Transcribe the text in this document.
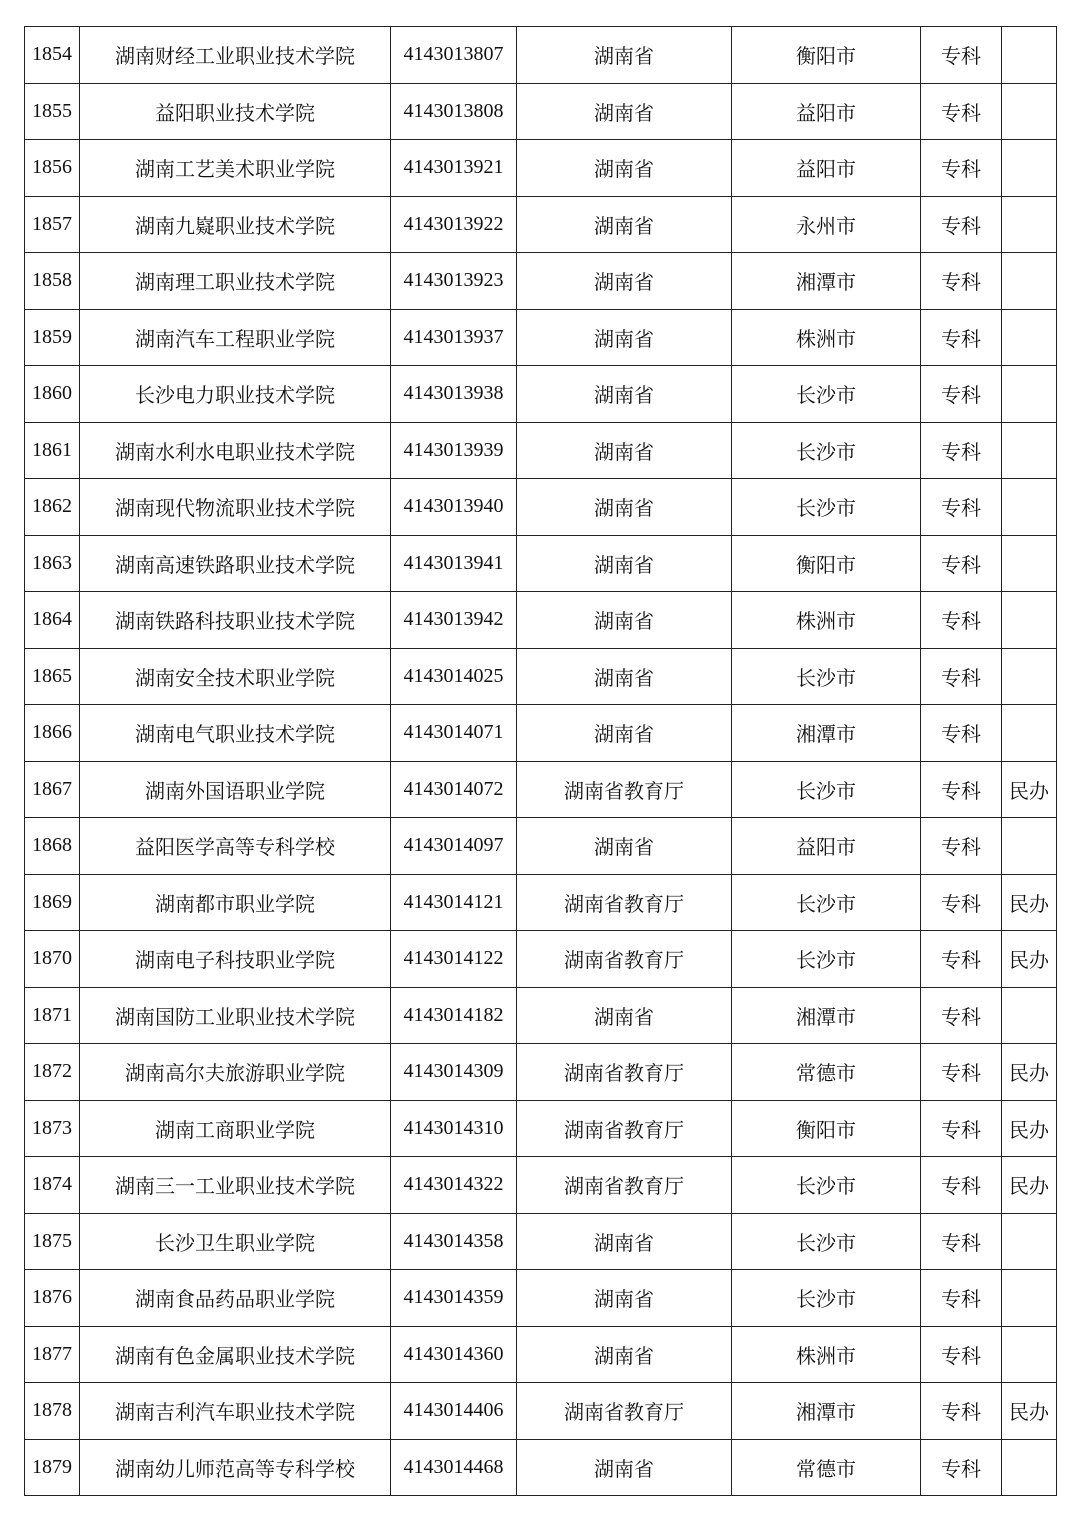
1854	湖南财经工业职业技术学院	4143013807	湖南省	衡阳市	专科	
1855	益阳职业技术学院	4143013808	湖南省	益阳市	专科	
1856	湖南工艺美术职业学院	4143013921	湖南省	益阳市	专科	
1857	湖南九嶷职业技术学院	4143013922	湖南省	永州市	专科	
1858	湖南理工职业技术学院	4143013923	湖南省	湘潭市	专科	
1859	湖南汽车工程职业学院	4143013937	湖南省	株洲市	专科	
1860	长沙电力职业技术学院	4143013938	湖南省	长沙市	专科	
1861	湖南水利水电职业技术学院	4143013939	湖南省	长沙市	专科	
1862	湖南现代物流职业技术学院	4143013940	湖南省	长沙市	专科	
1863	湖南高速铁路职业技术学院	4143013941	湖南省	衡阳市	专科	
1864	湖南铁路科技职业技术学院	4143013942	湖南省	株洲市	专科	
1865	湖南安全技术职业学院	4143014025	湖南省	长沙市	专科	
1866	湖南电气职业技术学院	4143014071	湖南省	湘潭市	专科	
1867	湖南外国语职业学院	4143014072	湖南省教育厅	长沙市	专科	民办
1868	益阳医学高等专科学校	4143014097	湖南省	益阳市	专科	
1869	湖南都市职业学院	4143014121	湖南省教育厅	长沙市	专科	民办
1870	湖南电子科技职业学院	4143014122	湖南省教育厅	长沙市	专科	民办
1871	湖南国防工业职业技术学院	4143014182	湖南省	湘潭市	专科	
1872	湖南高尔夫旅游职业学院	4143014309	湖南省教育厅	常德市	专科	民办
1873	湖南工商职业学院	4143014310	湖南省教育厅	衡阳市	专科	民办
1874	湖南三一工业职业技术学院	4143014322	湖南省教育厅	长沙市	专科	民办
1875	长沙卫生职业学院	4143014358	湖南省	长沙市	专科	
1876	湖南食品药品职业学院	4143014359	湖南省	长沙市	专科	
1877	湖南有色金属职业技术学院	4143014360	湖南省	株洲市	专科	
1878	湖南吉利汽车职业技术学院	4143014406	湖南省教育厅	湘潭市	专科	民办
1879	湖南幼儿师范高等专科学校	4143014468	湖南省	常德市	专科	
